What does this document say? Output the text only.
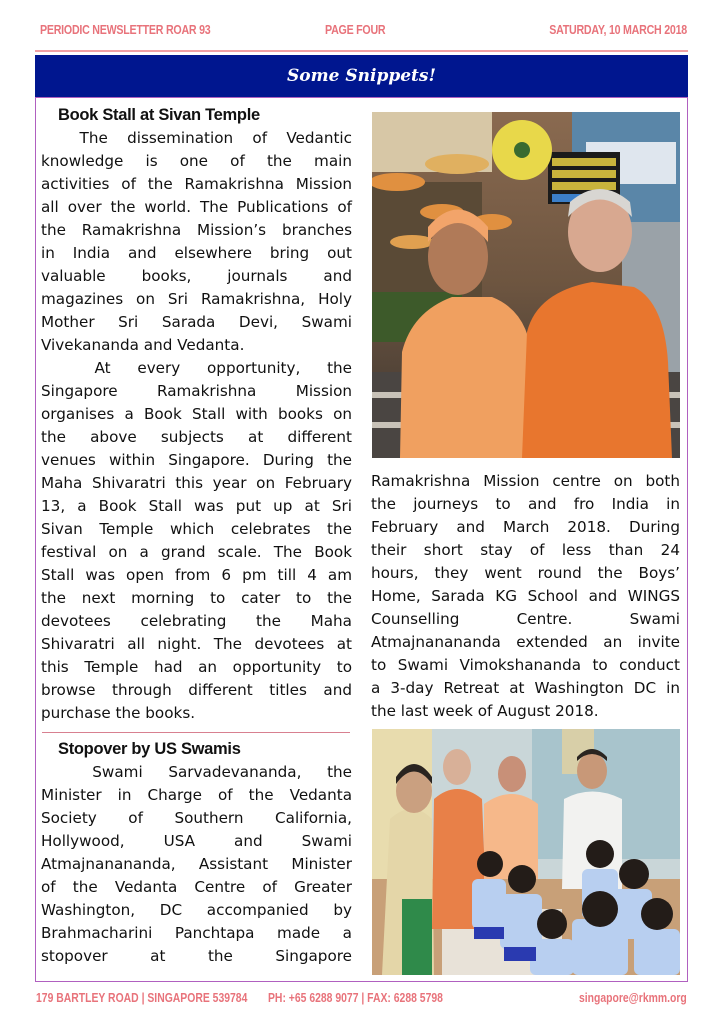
PERIODIC NEWSLETTER ROAR 93	PAGE FOUR	SATURDAY, 10 MARCH 2018
Some Snippets!
Book Stall at Sivan Temple
The dissemination of Vedantic
knowledge is one of the main
activities of the Ramakrishna Mission
all over the world. The Publications of
the Ramakrishna Mission’s branches
in India and elsewhere bring out
valuable books, journals and
magazines on Sri Ramakrishna, Holy
Mother Sri Sarada Devi, Swami
Vivekananda and Vedanta.
At every opportunity, the
Singapore Ramakrishna Mission
organises a Book Stall with books on
the above subjects at different
venues within Singapore. During the
Maha Shivaratri this year on February
13, a Book Stall was put up at Sri
Sivan Temple which celebrates the
festival on a grand scale. The Book
Stall was open from 6 pm till 4 am
the next morning to cater to the
devotees celebrating the Maha
Shivaratri all night. The devotees at
this Temple had an opportunity to
browse through different titles and
purchase the books.
Stopover by US Swamis
Swami Sarvadevananda, the
Minister in Charge of the Vedanta
Society of Southern California,
Hollywood, USA and Swami
Atmajnanananda, Assistant Minister
of the Vedanta Centre of Greater
Washington, DC accompanied by
Brahmacharini Panchtapa made a
stopover at the Singapore
Ramakrishna Mission centre on both
the journeys to and fro India in
February and March 2018. During
their short stay of less than 24
hours, they went round the Boys’
Home, Sarada KG School and WINGS
Counselling Centre. Swami
Atmajnanananda extended an invite
to Swami Vimokshananda to conduct
a 3-day Retreat at Washington DC in
the last week of August 2018.
179 BARTLEY ROAD | SINGAPORE 539784 PH: +65 6288 9077 | FAX: 6288 5798	singapore@rkmm.org
